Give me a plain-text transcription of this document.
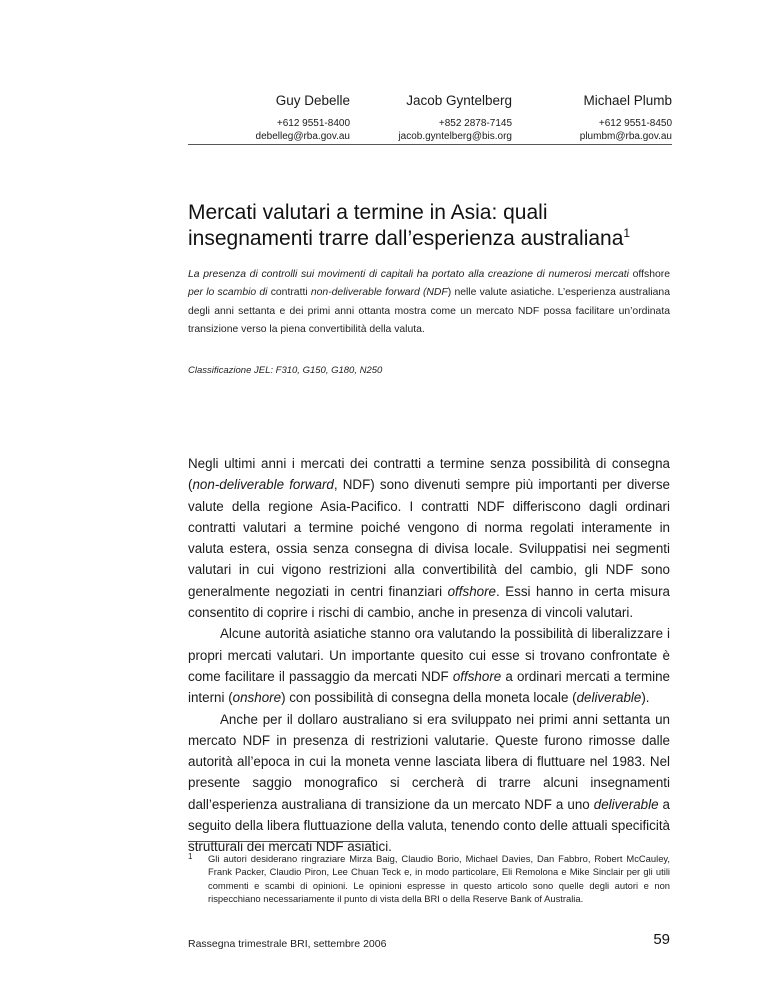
Guy Debelle
+612 9551-8400
debelleg@rba.gov.au
Jacob Gyntelberg
+852 2878-7145
jacob.gyntelberg@bis.org
Michael Plumb
+612 9551-8450
plumbm@rba.gov.au
Mercati valutari a termine in Asia: quali
insegnamenti trarre dall’esperienza australiana$^1$

La presenza di controlli sui movimenti di capitali ha portato alla creazione di numerosi mercati offshore per lo scambio di contratti non-deliverable forward (NDF) nelle valute asiatiche. L’esperienza australiana degli anni settanta e dei primi anni ottanta mostra come un mercato NDF possa facilitare un’ordinata transizione verso la piena convertibilità della valuta.

Classificazione JEL: F310, G150, G180, N250

Negli ultimi anni i mercati dei contratti a termine senza possibilità di consegna (non-deliverable forward, NDF) sono divenuti sempre più importanti per diverse valute della regione Asia-Pacifico. I contratti NDF differiscono dagli ordinari contratti valutari a termine poiché vengono di norma regolati interamente in valuta estera, ossia senza consegna di divisa locale. Sviluppatisi nei segmenti valutari in cui vigono restrizioni alla convertibilità del cambio, gli NDF sono generalmente negoziati in centri finanziari offshore. Essi hanno in certa misura consentito di coprire i rischi di cambio, anche in presenza di vincoli valutari.

Alcune autorità asiatiche stanno ora valutando la possibilità di liberalizzare i propri mercati valutari. Un importante quesito cui esse si trovano confrontate è come facilitare il passaggio da mercati NDF offshore a ordinari mercati a termine interni (onshore) con possibilità di consegna della moneta locale (deliverable).

Anche per il dollaro australiano si era sviluppato nei primi anni settanta un mercato NDF in presenza di restrizioni valutarie. Queste furono rimosse dalle autorità all’epoca in cui la moneta venne lasciata libera di fluttuare nel 1983. Nel presente saggio monografico si cercherà di trarre alcuni insegnamenti dall’esperienza australiana di transizione da un mercato NDF a uno deliverable a seguito della libera fluttuazione della valuta, tenendo conto delle attuali specificità strutturali dei mercati NDF asiatici.

1 Gli autori desiderano ringraziare Mirza Baig, Claudio Borio, Michael Davies, Dan Fabbro, Robert McCauley, Frank Packer, Claudio Piron, Lee Chuan Teck e, in modo particolare, Eli Remolona e Mike Sinclair per gli utili commenti e scambi di opinioni. Le opinioni espresse in questo articolo sono quelle degli autori e non rispecchiano necessariamente il punto di vista della BRI o della Reserve Bank of Australia.
Rassegna trimestrale BRI, settembre 2006	59
